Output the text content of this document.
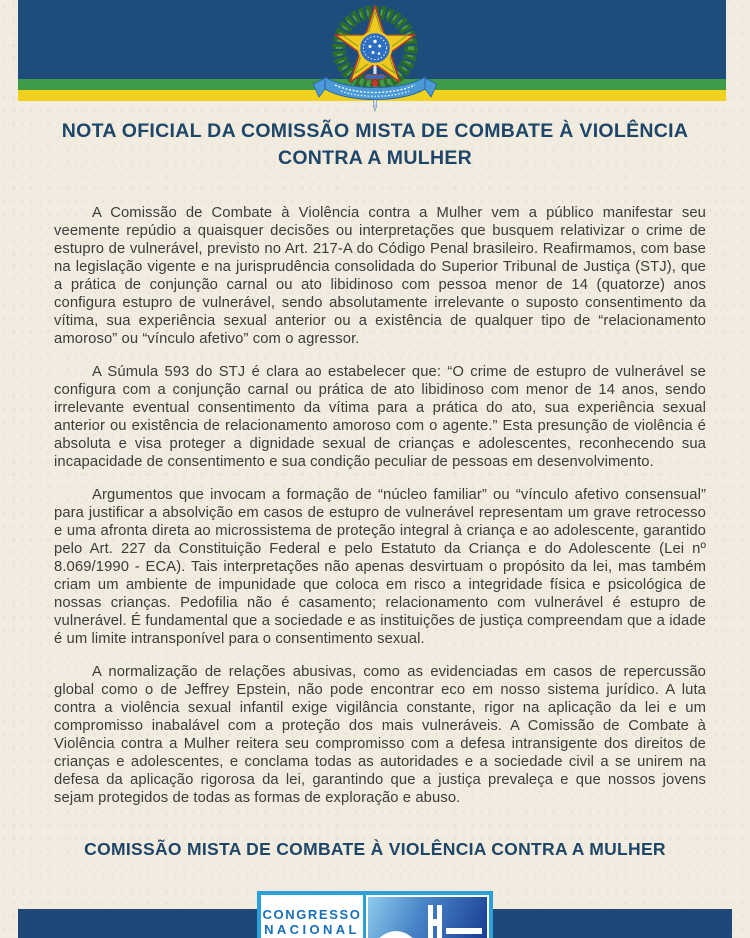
NOTA OFICIAL DA COMISSÃO MISTA DE COMBATE À VIOLÊNCIA CONTRA A MULHER

A Comissão de Combate à Violência contra a Mulher vem a público manifestar seu veemente repúdio a quaisquer decisões ou interpretações que busquem relativizar o crime de estupro de vulnerável, previsto no Art. 217-A do Código Penal brasileiro. Reafirmamos, com base na legislação vigente e na jurisprudência consolidada do Superior Tribunal de Justiça (STJ), que a prática de conjunção carnal ou ato libidinoso com pessoa menor de 14 (quatorze) anos configura estupro de vulnerável, sendo absolutamente irrelevante o suposto consentimento da vítima, sua experiência sexual anterior ou a existência de qualquer tipo de “relacionamento amoroso” ou “vínculo afetivo” com o agressor.

A Súmula 593 do STJ é clara ao estabelecer que: “O crime de estupro de vulnerável se configura com a conjunção carnal ou prática de ato libidinoso com menor de 14 anos, sendo irrelevante eventual consentimento da vítima para a prática do ato, sua experiência sexual anterior ou existência de relacionamento amoroso com o agente.” Esta presunção de violência é absoluta e visa proteger a dignidade sexual de crianças e adolescentes, reconhecendo sua incapacidade de consentimento e sua condição peculiar de pessoas em desenvolvimento.

Argumentos que invocam a formação de “núcleo familiar” ou “vínculo afetivo consensual” para justificar a absolvição em casos de estupro de vulnerável representam um grave retrocesso e uma afronta direta ao microssistema de proteção integral à criança e ao adolescente, garantido pelo Art. 227 da Constituição Federal e pelo Estatuto da Criança e do Adolescente (Lei nº 8.069/1990 - ECA). Tais interpretações não apenas desvirtuam o propósito da lei, mas também criam um ambiente de impunidade que coloca em risco a integridade física e psicológica de nossas crianças. Pedofilia não é casamento; relacionamento com vulnerável é estupro de vulnerável. É fundamental que a sociedade e as instituições de justiça compreendam que a idade é um limite intransponível para o consentimento sexual.

A normalização de relações abusivas, como as evidenciadas em casos de repercussão global como o de Jeffrey Epstein, não pode encontrar eco em nosso sistema jurídico. A luta contra a violência sexual infantil exige vigilância constante, rigor na aplicação da lei e um compromisso inabalável com a proteção dos mais vulneráveis. A Comissão de Combate à Violência contra a Mulher reitera seu compromisso com a defesa intransigente dos direitos de crianças e adolescentes, e conclama todas as autoridades e a sociedade civil a se unirem na defesa da aplicação rigorosa da lei, garantindo que a justiça prevaleça e que nossos jovens sejam protegidos de todas as formas de exploração e abuso.

COMISSÃO MISTA DE COMBATE À VIOLÊNCIA CONTRA A MULHER
CONGRESSO
NACIONAL
